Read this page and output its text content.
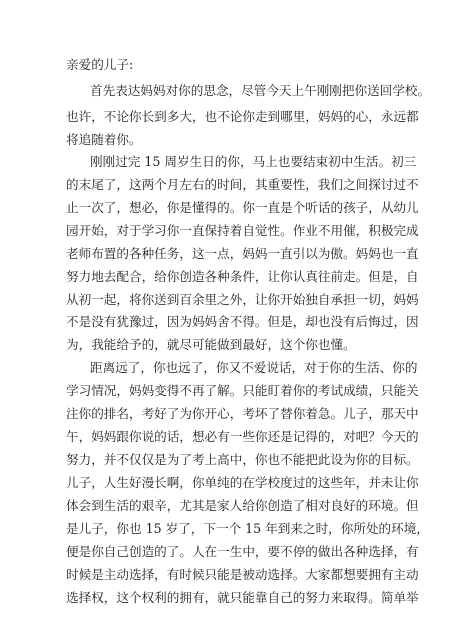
亲爱的儿子:
首先表达妈妈对你的思念，尽管今天上午刚刚把你送回学校。
也许，不论你长到多大，也不论你走到哪里，妈妈的心，永远都
将追随着你。
刚刚过完 15 周岁生日的你，马上也要结束初中生活。初三
的末尾了，这两个月左右的时间，其重要性，我们之间探讨过不
止一次了，想必，你是懂得的。你一直是个听话的孩子，从幼儿
园开始，对于学习你一直保持着自觉性。作业不用催，积极完成
老师布置的各种任务，这一点，妈妈一直引以为傲。妈妈也一直
努力地去配合，给你创造各种条件，让你认真往前走。但是，自
从初一起，将你送到百余里之外，让你开始独自承担一切，妈妈
不是没有犹豫过，因为妈妈舍不得。但是，却也没有后悔过，因
为，我能给予的，就尽可能做到最好，这个你也懂。
距离远了，你也远了，你又不爱说话，对于你的生活、你的
学习情况，妈妈变得不再了解。只能盯着你的考试成绩，只能关
注你的排名，考好了为你开心，考坏了替你着急。儿子，那天中
午，妈妈跟你说的话，想必有一些你还是记得的，对吧？今天的
努力，并不仅仅是为了考上高中，你也不能把此设为你的目标。
儿子，人生好漫长啊，你单纯的在学校度过的这些年，并未让你
体会到生活的艰辛，尤其是家人给你创造了相对良好的环境。但
是儿子，你也 15 岁了，下一个 15 年到来之时，你所处的环境，
便是你自己创造的了。人在一生中，要不停的做出各种选择，有
时候是主动选择，有时候只能是被动选择。大家都想要拥有主动
选择权，这个权利的拥有，就只能靠自己的努力来取得。简单举
